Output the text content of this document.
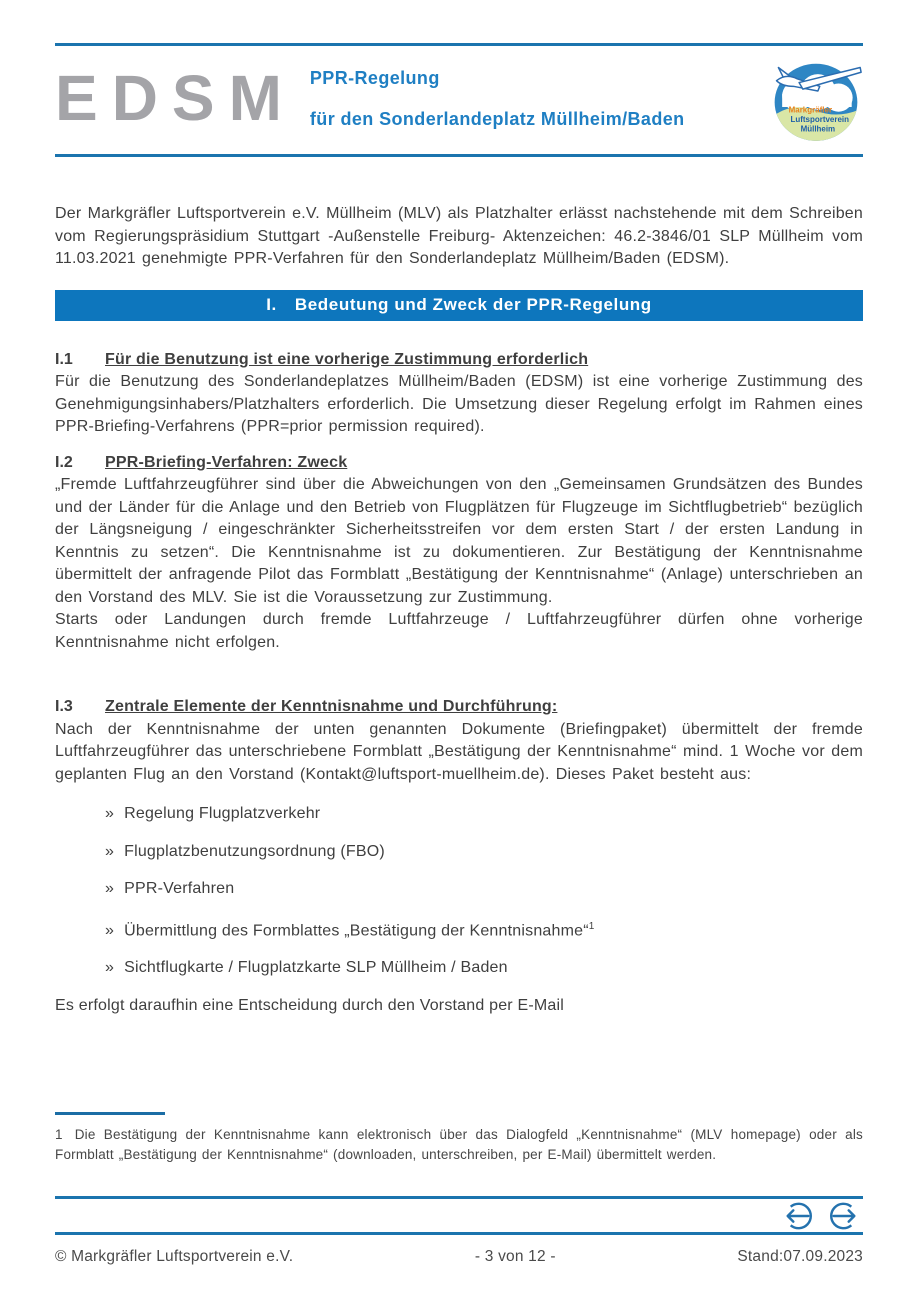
EDSM PPR-Regelung
für den Sonderlandeplatz Müllheim/Baden	Markgräfler
Luftsportverein
Müllheim

Der Markgräfler Luftsportverein e.V. Müllheim (MLV) als Platzhalter erlässt nachstehende mit dem Schreiben vom Regierungspräsidium Stuttgart -Außenstelle Freiburg- Aktenzeichen: 46.2-3846/01 SLP Müllheim vom 11.03.2021 genehmigte PPR-Verfahren für den Sonderlandeplatz Müllheim/Baden (EDSM).

I. Bedeutung und Zweck der PPR-Regelung
I.1	Für die Benutzung ist eine vorherige Zustimmung erforderlich

Für die Benutzung des Sonderlandeplatzes Müllheim/Baden (EDSM) ist eine vorherige Zustimmung des Genehmigungsinhabers/Platzhalters erforderlich. Die Umsetzung dieser Regelung erfolgt im Rahmen eines PPR-Briefing-Verfahrens (PPR=prior permission required).

I.2	PPR-Briefing-Verfahren: Zweck

„Fremde Luftfahrzeugführer sind über die Abweichungen von den „Gemeinsamen Grundsätzen des Bundes und der Länder für die Anlage und den Betrieb von Flugplätzen für Flugzeuge im Sichtflugbetrieb“ bezüglich der Längsneigung / eingeschränkter Sicherheitsstreifen vor dem ersten Start / der ersten Landung in Kenntnis zu setzen“. Die Kenntnisnahme ist zu dokumentieren. Zur Bestätigung der Kenntnisnahme übermittelt der anfragende Pilot das Formblatt „Bestätigung der Kenntnisnahme“ (Anlage) unterschrieben an den Vorstand des MLV. Sie ist die Voraussetzung zur Zustimmung.

Starts oder Landungen durch fremde Luftfahrzeuge / Luftfahrzeugführer dürfen ohne vorherige Kenntnisnahme nicht erfolgen.

I.3	Zentrale Elemente der Kenntnisnahme und Durchführung:

Nach der Kenntnisnahme der unten genannten Dokumente (Briefingpaket) übermittelt der fremde Luftfahrzeugführer das unterschriebene Formblatt „Bestätigung der Kenntnisnahme“ mind. 1 Woche vor dem geplanten Flug an den Vorstand (Kontakt@luftsport-muellheim.de). Dieses Paket besteht aus:

» Regelung Flugplatzverkehr
» Flugplatzbenutzungsordnung (FBO)
» PPR-Verfahren
» Übermittlung des Formblattes „Bestätigung der Kenntnisnahme“$^1$
» Sichtflugkarte / Flugplatzkarte SLP Müllheim / Baden

Es erfolgt daraufhin eine Entscheidung durch den Vorstand per E-Mail

1 Die Bestätigung der Kenntnisnahme kann elektronisch über das Dialogfeld „Kenntnisnahme“ (MLV homepage) oder als Formblatt „Bestätigung der Kenntnisnahme“ (downloaden, unterschreiben, per E-Mail) übermittelt werden.

© Markgräfler Luftsportverein e.V.	- 3 von 12 -	Stand:07.09.2023
